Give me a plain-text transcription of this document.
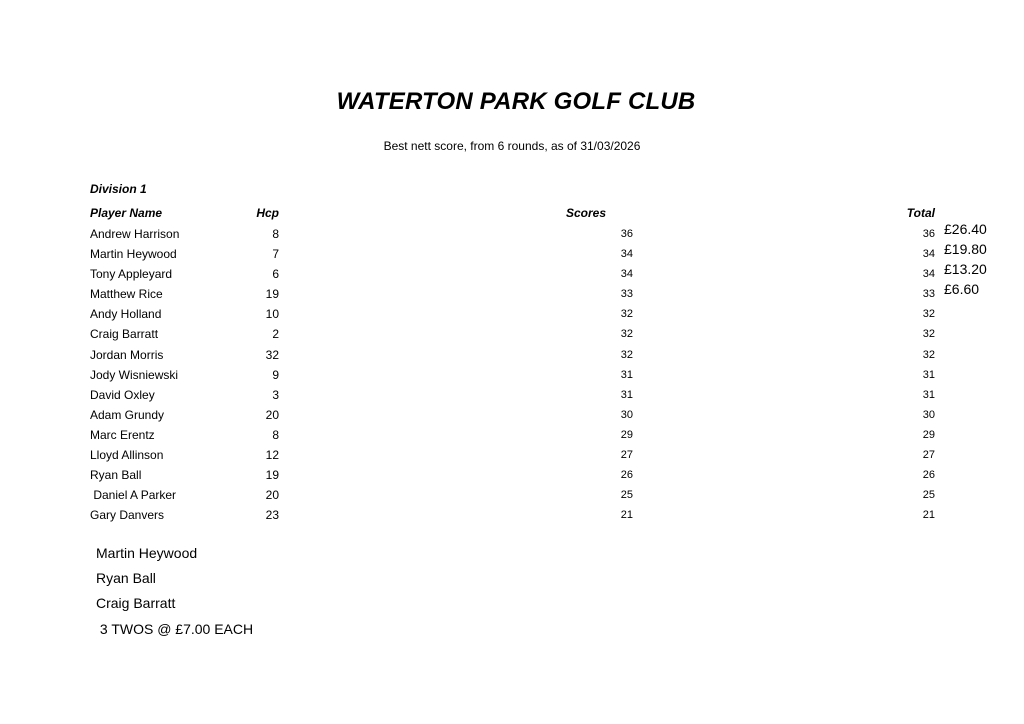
WATERTON PARK GOLF CLUB
Best nett score, from 6 rounds, as of 31/03/2026
Division 1
Player Name	Hcp	Scores	Total
Andrew Harrison	8	36	36 £26.40
Martin Heywood	7	34	34 £19.80
Tony Appleyard	6	34	34 £13.20
Matthew Rice	19	33	33 £6.60
Andy Holland	10	32	32
Craig Barratt	2	32	32
Jordan Morris	32	32	32
Jody Wisniewski	9	31	31
David Oxley	3	31	31
Adam Grundy	20	30	30
Marc Erentz	8	29	29
Lloyd Allinson	12	27	27
Ryan Ball	19	26	26
Daniel A Parker	20	25	25
Gary Danvers	23	21	21
Martin Heywood
Ryan Ball
Craig Barratt
3 TWOS @ £7.00 EACH
